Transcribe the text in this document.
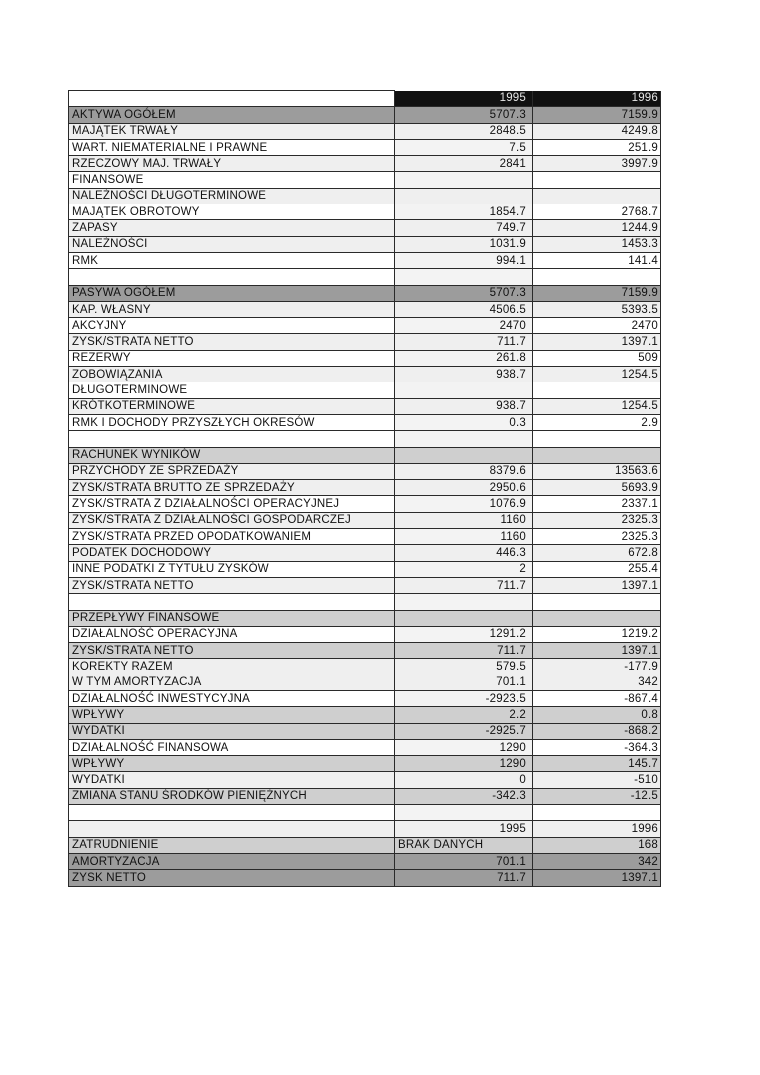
	1995	1996
AKTYWA OGÓŁEM	5707.3	7159.9
MAJĄTEK TRWAŁY	2848.5	4249.8
WART. NIEMATERIALNE I PRAWNE	7.5	251.9
RZECZOWY MAJ. TRWAŁY	2841	3997.9
FINANSOWE		
NALEŻNOŚCI DŁUGOTERMINOWE		
MAJĄTEK OBROTOWY	1854.7	2768.7
ZAPASY	749.7	1244.9
NALEŻNOŚCI	1031.9	1453.3
RMK	994.1	141.4

PASYWA OGÓŁEM	5707.3	7159.9
KAP. WŁASNY	4506.5	5393.5
AKCYJNY	2470	2470
ZYSK/STRATA NETTO	711.7	1397.1
REZERWY	261.8	509
ZOBOWIĄZANIA	938.7	1254.5
DŁUGOTERMINOWE		
KRÓTKOTERMINOWE	938.7	1254.5
RMK I DOCHODY PRZYSZŁYCH OKRESÓW	0.3	2.9

RACHUNEK WYNIKÓW		
PRZYCHODY ZE SPRZEDAŻY	8379.6	13563.6
ZYSK/STRATA BRUTTO ZE SPRZEDAŻY	2950.6	5693.9
ZYSK/STRATA Z DZIAŁALNOŚCI OPERACYJNEJ	1076.9	2337.1
ZYSK/STRATA Z DZIAŁALNOŚCI GOSPODARCZEJ	1160	2325.3
ZYSK/STRATA PRZED OPODATKOWANIEM	1160	2325.3
PODATEK DOCHODOWY	446.3	672.8
INNE PODATKI Z TYTUŁU ZYSKÓW	2	255.4
ZYSK/STRATA NETTO	711.7	1397.1

PRZEPŁYWY FINANSOWE		
DZIAŁALNOŚĆ OPERACYJNA	1291.2	1219.2
ZYSK/STRATA NETTO	711.7	1397.1
KOREKTY RAZEM	579.5	-177.9
W TYM AMORTYZACJA	701.1	342
DZIAŁALNOŚĆ INWESTYCYJNA	-2923.5	-867.4
WPŁYWY	2.2	0.8
WYDATKI	-2925.7	-868.2
DZIAŁALNOŚĆ FINANSOWA	1290	-364.3
WPŁYWY	1290	145.7
WYDATKI	0	-510
ZMIANA STANU ŚRODKÓW PIENIĘŻNYCH	-342.3	-12.5

	1995	1996
ZATRUDNIENIE	BRAK DANYCH	168
AMORTYZACJA	701.1	342
ZYSK NETTO	711.7	1397.1
